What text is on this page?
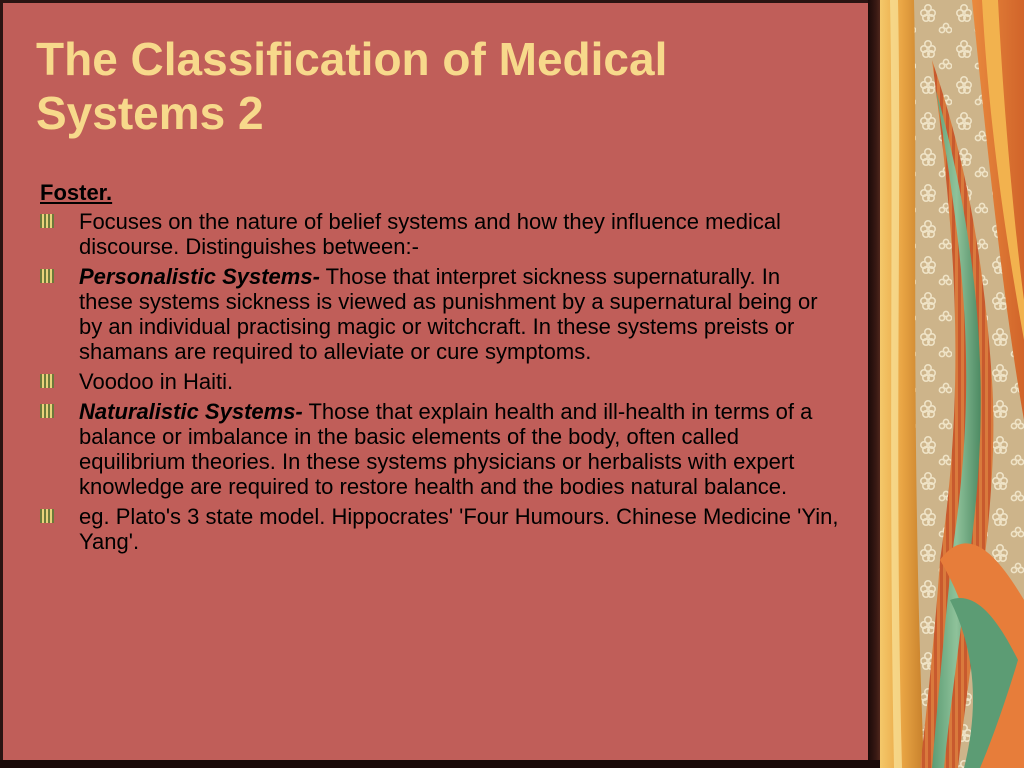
The Classification of Medical Systems 2

Foster.

Focuses on the nature of belief systems and how they influence medical discourse. Distinguishes between:-
Personalistic Systems- Those that interpret sickness supernaturally. In these systems sickness is viewed as punishment by a supernatural being or by an individual practising magic or witchcraft. In these systems preists or shamans are required to alleviate or cure symptoms.
Voodoo in Haiti.
Naturalistic Systems- Those that explain health and ill-health in terms of a balance or imbalance in the basic elements of the body, often called equilibrium theories. In these systems physicians or herbalists with expert knowledge are required to restore health and the bodies natural balance.
eg. Plato's 3 state model. Hippocrates' 'Four Humours. Chinese Medicine 'Yin, Yang'.
